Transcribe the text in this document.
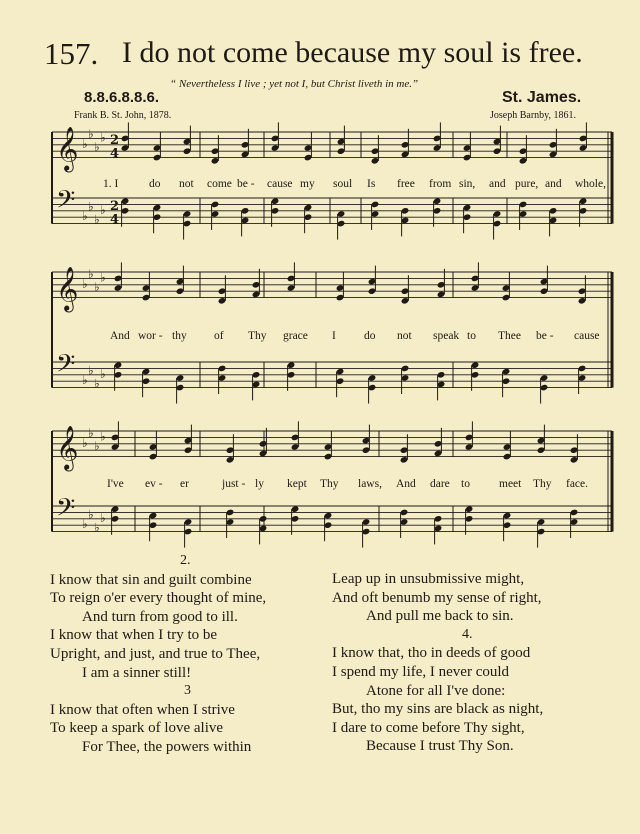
157. I do not come because my soul is free.
“ Nevertheless I live ; yet not I, but Christ liveth in me.”
8.8.6.8.8.6.	St. James.
Frank B. St. John, 1878.	Joseph Barnby, 1861.
𝄞 ♭
♭
♭
♭ 2
4
𝄢 ♭
♭
♭
♭ 2
4
𝄞 ♭
♭
♭
♭
𝄢 ♭
♭
♭
♭
𝄞 ♭
♭
♭
♭
𝄢 ♭
♭
♭
♭
1. I	do not come be - cause my soul Is free from sin, and pure, and whole,
And wor - thy of Thy grace I do not speak to Thee be - cause
I've ev - er	just - ly kept Thy laws, And dare to	meet Thy face.
2.
I know that sin and guilt combine
To reign o'er every thought of mine,
And turn from good to ill.
I know that when I try to be
Upright, and just, and true to Thee,
I am a sinner still!
3
I know that often when I strive
To keep a spark of love alive
For Thee, the powers within
Leap up in unsubmissive might,
And oft benumb my sense of right,
And pull me back to sin.
4.
I know that, tho in deeds of good
I spend my life, I never could
Atone for all I've done:
But, tho my sins are black as night,
I dare to come before Thy sight,
Because I trust Thy Son.
